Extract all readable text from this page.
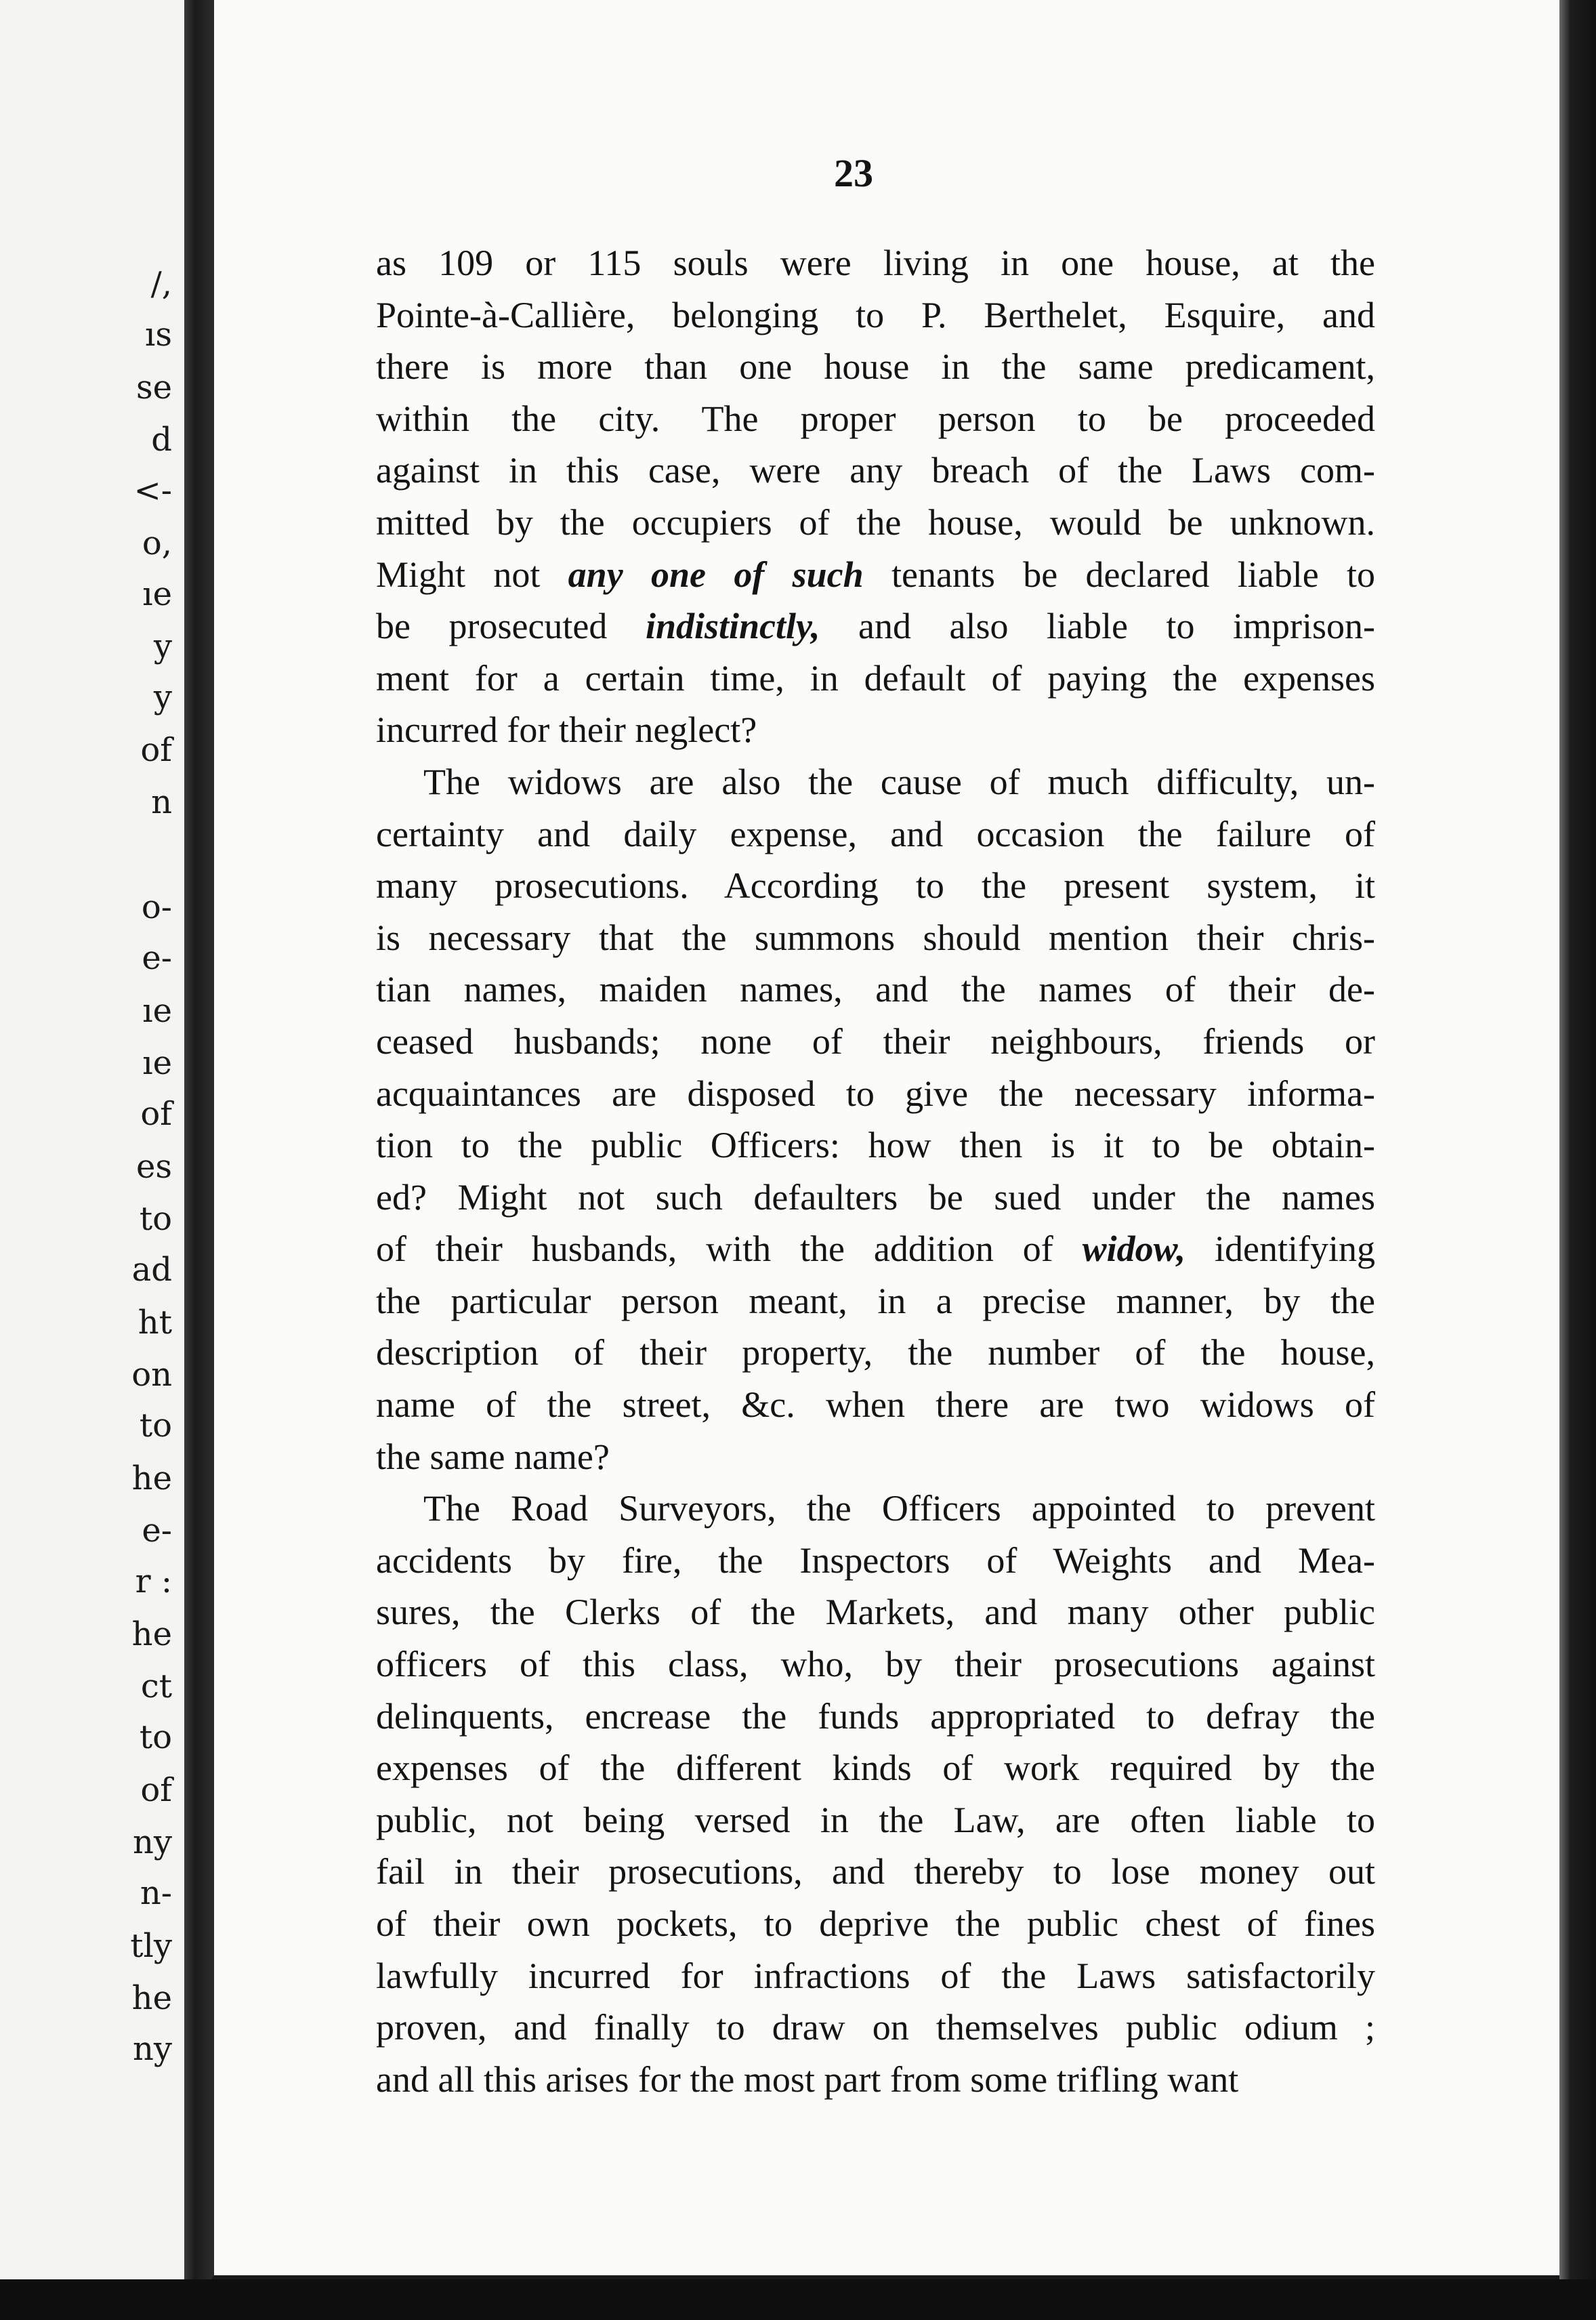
/,
ıs
se
d
<-
o,
ıe
y
y
of
n
o-
e-
ıe
ıe
of
es
to
ad
ht
on
to
he
e-
r :
he
ct
to
of
ny
n-
tly
he
ny
23
as 109 or 115 souls were living in one house, at the
Pointe-à-Callière, belonging to P. Berthelet, Esquire, and
there is more than one house in the same predicament,
within the city. The proper person to be proceeded
against in this case, were any breach of the Laws com-
mitted by the occupiers of the house, would be unknown.
Might not any one of such tenants be declared liable to
be prosecuted indistinctly, and also liable to imprison-
ment for a certain time, in default of paying the expenses
incurred for their neglect?
The widows are also the cause of much difficulty, un-
certainty and daily expense, and occasion the failure of
many prosecutions. According to the present system, it
is necessary that the summons should mention their chris-
tian names, maiden names, and the names of their de-
ceased husbands; none of their neighbours, friends or
acquaintances are disposed to give the necessary informa-
tion to the public Officers: how then is it to be obtain-
ed? Might not such defaulters be sued under the names
of their husbands, with the addition of widow, identifying
the particular person meant, in a precise manner, by the
description of their property, the number of the house,
name of the street, &c. when there are two widows of
the same name?
The Road Surveyors, the Officers appointed to prevent
accidents by fire, the Inspectors of Weights and Mea-
sures, the Clerks of the Markets, and many other public
officers of this class, who, by their prosecutions against
delinquents, encrease the funds appropriated to defray the
expenses of the different kinds of work required by the
public, not being versed in the Law, are often liable to
fail in their prosecutions, and thereby to lose money out
of their own pockets, to deprive the public chest of fines
lawfully incurred for infractions of the Laws satisfactorily
proven, and finally to draw on themselves public odium ;
and all this arises for the most part from some trifling want
